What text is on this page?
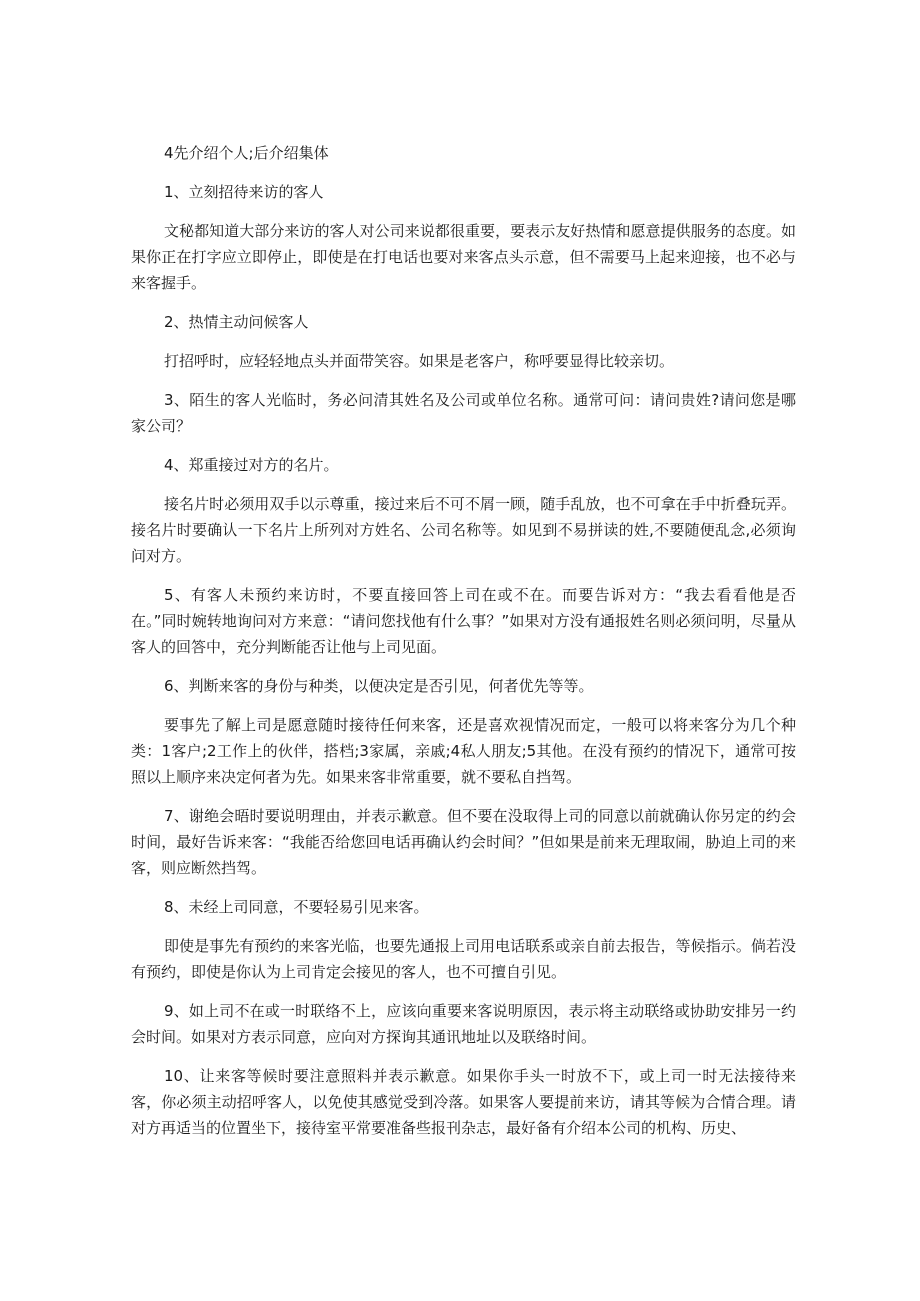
4先介绍个人;后介绍集体

1、立刻招待来访的客人

文秘都知道大部分来访的客人对公司来说都很重要，要表示友好热情和愿意提供服务的态度。如果你正在打字应立即停止，即使是在打电话也要对来客点头示意，但不需要马上起来迎接，也不必与来客握手。

2、热情主动问候客人

打招呼时，应轻轻地点头并面带笑容。如果是老客户，称呼要显得比较亲切。

3、陌生的客人光临时，务必问清其姓名及公司或单位名称。通常可问：请问贵姓?请问您是哪家公司？

4、郑重接过对方的名片。

接名片时必须用双手以示尊重，接过来后不可不屑一顾，随手乱放，也不可拿在手中折叠玩弄。接名片时要确认一下名片上所列对方姓名、公司名称等。如见到不易拼读的姓,不要随便乱念,必须询问对方。

5、有客人未预约来访时，不要直接回答上司在或不在。而要告诉对方：“我去看看他是否在。”同时婉转地询问对方来意：“请问您找他有什么事？”如果对方没有通报姓名则必须问明，尽量从客人的回答中，充分判断能否让他与上司见面。

6、判断来客的身份与种类，以便决定是否引见，何者优先等等。

要事先了解上司是愿意随时接待任何来客，还是喜欢视情况而定，一般可以将来客分为几个种类：1客户;2工作上的伙伴，搭档;3家属，亲戚;4私人朋友;5其他。在没有预约的情况下，通常可按照以上顺序来决定何者为先。如果来客非常重要，就不要私自挡驾。

7、谢绝会晤时要说明理由，并表示歉意。但不要在没取得上司的同意以前就确认你另定的约会时间，最好告诉来客：“我能否给您回电话再确认约会时间？”但如果是前来无理取闹，胁迫上司的来客，则应断然挡驾。

8、未经上司同意，不要轻易引见来客。

即使是事先有预约的来客光临，也要先通报上司用电话联系或亲自前去报告，等候指示。倘若没有预约，即使是你认为上司肯定会接见的客人，也不可擅自引见。

9、如上司不在或一时联络不上，应该向重要来客说明原因，表示将主动联络或协助安排另一约会时间。如果对方表示同意，应向对方探询其通讯地址以及联络时间。

10、让来客等候时要注意照料并表示歉意。如果你手头一时放不下，或上司一时无法接待来客，你必须主动招呼客人，以免使其感觉受到冷落。如果客人要提前来访，请其等候为合情合理。请对方再适当的位置坐下，接待室平常要准备些报刊杂志，最好备有介绍本公司的机构、历史、
